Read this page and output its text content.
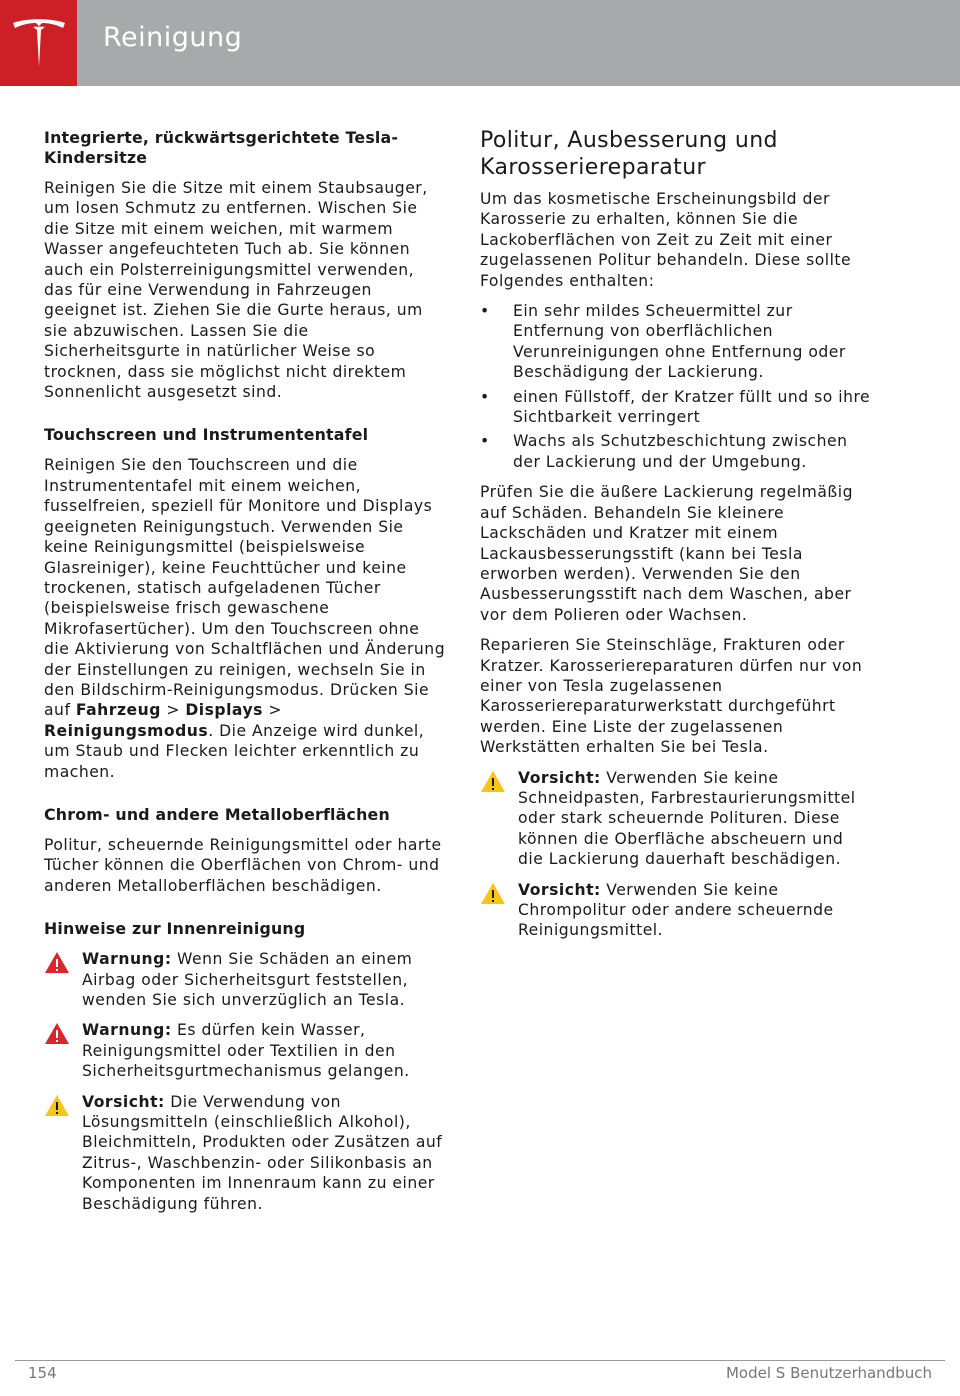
Reinigung
Integrierte, rückwärtsgerichtete Tesla-Kindersitze

Reinigen Sie die Sitze mit einem Staubsauger, um losen Schmutz zu entfernen. Wischen Sie die Sitze mit einem weichen, mit warmem Wasser angefeuchteten Tuch ab. Sie können auch ein Polsterreinigungsmittel verwenden, das für eine Verwendung in Fahrzeugen geeignet ist. Ziehen Sie die Gurte heraus, um sie abzuwischen. Lassen Sie die Sicherheitsgurte in natürlicher Weise so trocknen, dass sie möglichst nicht direktem Sonnenlicht ausgesetzt sind.

Touchscreen und Instrumententafel

Reinigen Sie den Touchscreen und die Instrumententafel mit einem weichen, fusselfreien, speziell für Monitore und Displays geeigneten Reinigungstuch. Verwenden Sie keine Reinigungsmittel (beispielsweise Glasreiniger), keine Feuchttücher und keine trockenen, statisch aufgeladenen Tücher (beispielsweise frisch gewaschene Mikrofasertücher). Um den Touchscreen ohne die Aktivierung von Schaltflächen und Änderung der Einstellungen zu reinigen, wechseln Sie in den Bildschirm-Reinigungsmodus. Drücken Sie auf Fahrzeug > Displays > Reinigungsmodus. Die Anzeige wird dunkel, um Staub und Flecken leichter erkenntlich zu machen.

Chrom- und andere Metalloberflächen

Politur, scheuernde Reinigungsmittel oder harte Tücher können die Oberflächen von Chrom- und anderen Metalloberflächen beschädigen.

Hinweise zur Innenreinigung
Warnung: Wenn Sie Schäden an einem Airbag oder Sicherheitsgurt feststellen, wenden Sie sich unverzüglich an Tesla.
Warnung: Es dürfen kein Wasser, Reinigungsmittel oder Textilien in den Sicherheitsgurtmechanismus gelangen.
Vorsicht: Die Verwendung von Lösungsmitteln (einschließlich Alkohol), Bleichmitteln, Produkten oder Zusätzen auf Zitrus-, Waschbenzin- oder Silikonbasis an Komponenten im Innenraum kann zu einer Beschädigung führen.
Politur, Ausbesserung und Karosseriereparatur

Um das kosmetische Erscheinungsbild der Karosserie zu erhalten, können Sie die Lackoberflächen von Zeit zu Zeit mit einer zugelassenen Politur behandeln. Diese sollte Folgendes enthalten:

• Ein sehr mildes Scheuermittel zur Entfernung von oberflächlichen Verunreinigungen ohne Entfernung oder Beschädigung der Lackierung.
• einen Füllstoff, der Kratzer füllt und so ihre Sichtbarkeit verringert
• Wachs als Schutzbeschichtung zwischen der Lackierung und der Umgebung.

Prüfen Sie die äußere Lackierung regelmäßig auf Schäden. Behandeln Sie kleinere Lackschäden und Kratzer mit einem Lackausbesserungsstift (kann bei Tesla erworben werden). Verwenden Sie den Ausbesserungsstift nach dem Waschen, aber vor dem Polieren oder Wachsen.

Reparieren Sie Steinschläge, Frakturen oder Kratzer. Karosseriereparaturen dürfen nur von einer von Tesla zugelassenen Karosseriereparaturwerkstatt durchgeführt werden. Eine Liste der zugelassenen Werkstätten erhalten Sie bei Tesla.

Vorsicht: Verwenden Sie keine Schneidpasten, Farbrestaurierungsmittel oder stark scheuernde Polituren. Diese können die Oberfläche abscheuern und die Lackierung dauerhaft beschädigen.
Vorsicht: Verwenden Sie keine Chrompolitur oder andere scheuernde Reinigungsmittel.
154	Model S Benutzerhandbuch
